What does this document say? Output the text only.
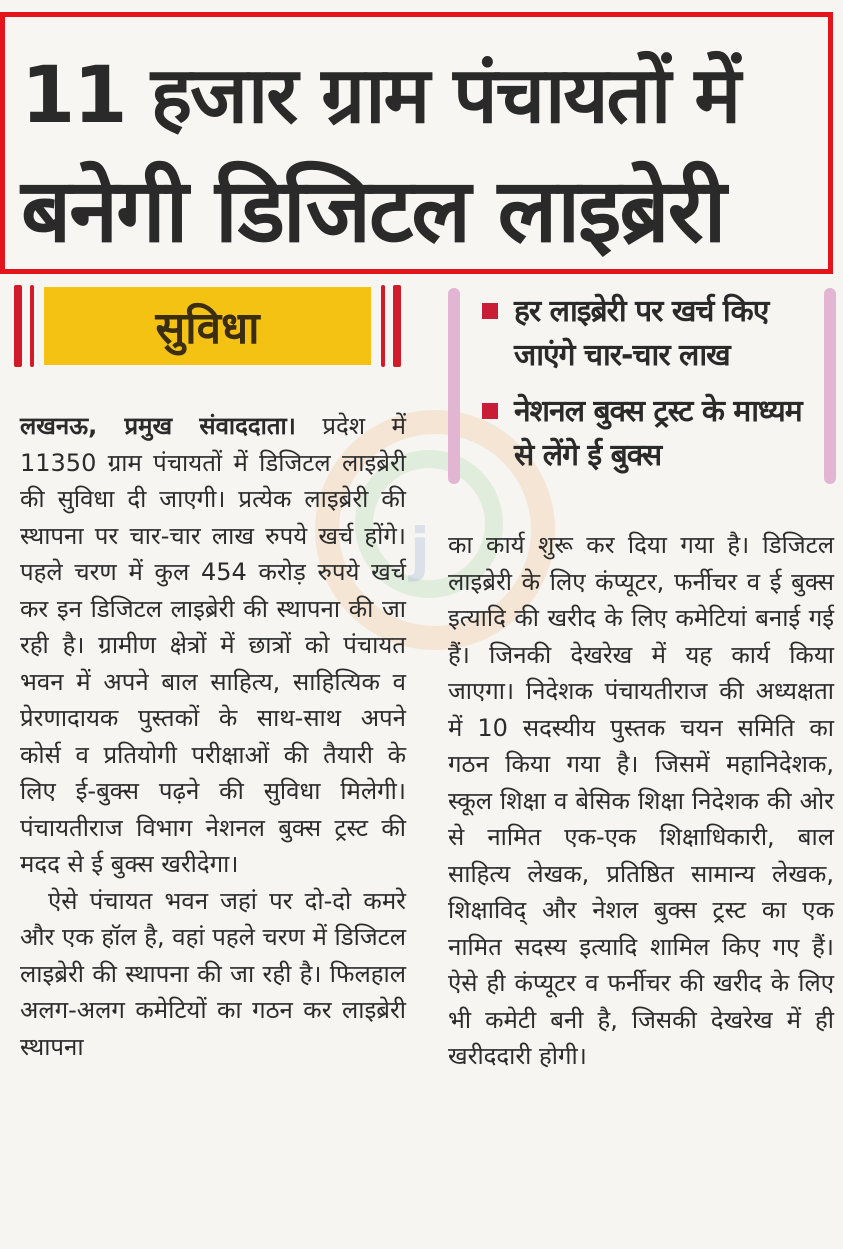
j
11 हजार ग्राम पंचायतों में
बनेगी डिजिटल लाइब्रेरी
सुविधा	हर लाइब्रेरी पर खर्च किए जाएंगे चार-चार लाख
नेशनल बुक्स ट्रस्ट के माध्यम से लेंगे ई बुक्स

लखनऊ, प्रमुख संवाददाता। प्रदेश में 11350 ग्राम पंचायतों में डिजिटल लाइब्रेरी की सुविधा दी जाएगी। प्रत्येक लाइब्रेरी की स्थापना पर चार-चार लाख रुपये खर्च होंगे। पहले चरण में कुल 454 करोड़ रुपये खर्च कर इन डिजिटल लाइब्रेरी की स्थापना की जा रही है। ग्रामीण क्षेत्रों में छात्रों को पंचायत भवन में अपने बाल साहित्य, साहित्यिक व प्रेरणादायक पुस्तकों के साथ-साथ अपने कोर्स व प्रतियोगी परीक्षाओं की तैयारी के लिए ई-बुक्स पढ़ने की सुविधा मिलेगी। पंचायतीराज विभाग नेशनल बुक्स ट्रस्ट की मदद से ई बुक्स खरीदेगा।

ऐसे पंचायत भवन जहां पर दो-दो कमरे और एक हॉल है, वहां पहले चरण में डिजिटल लाइब्रेरी की स्थापना की जा रही है। फिलहाल अलग-अलग कमेटियों का गठन कर लाइब्रेरी स्थापना

का कार्य शुरू कर दिया गया है। डिजिटल लाइब्रेरी के लिए कंप्यूटर, फर्नीचर व ई बुक्स इत्यादि की खरीद के लिए कमेटियां बनाई गई हैं। जिनकी देखरेख में यह कार्य किया जाएगा। निदेशक पंचायतीराज की अध्यक्षता में 10 सदस्यीय पुस्तक चयन समिति का गठन किया गया है। जिसमें महानिदेशक, स्कूल शिक्षा व बेसिक शिक्षा निदेशक की ओर से नामित एक-एक शिक्षाधिकारी, बाल साहित्य लेखक, प्रतिष्ठित सामान्य लेखक, शिक्षाविद् और नेशल बुक्स ट्रस्ट का एक नामित सदस्य इत्यादि शामिल किए गए हैं। ऐसे ही कंप्यूटर व फर्नीचर की खरीद के लिए भी कमेटी बनी है, जिसकी देखरेख में ही खरीददारी होगी।
